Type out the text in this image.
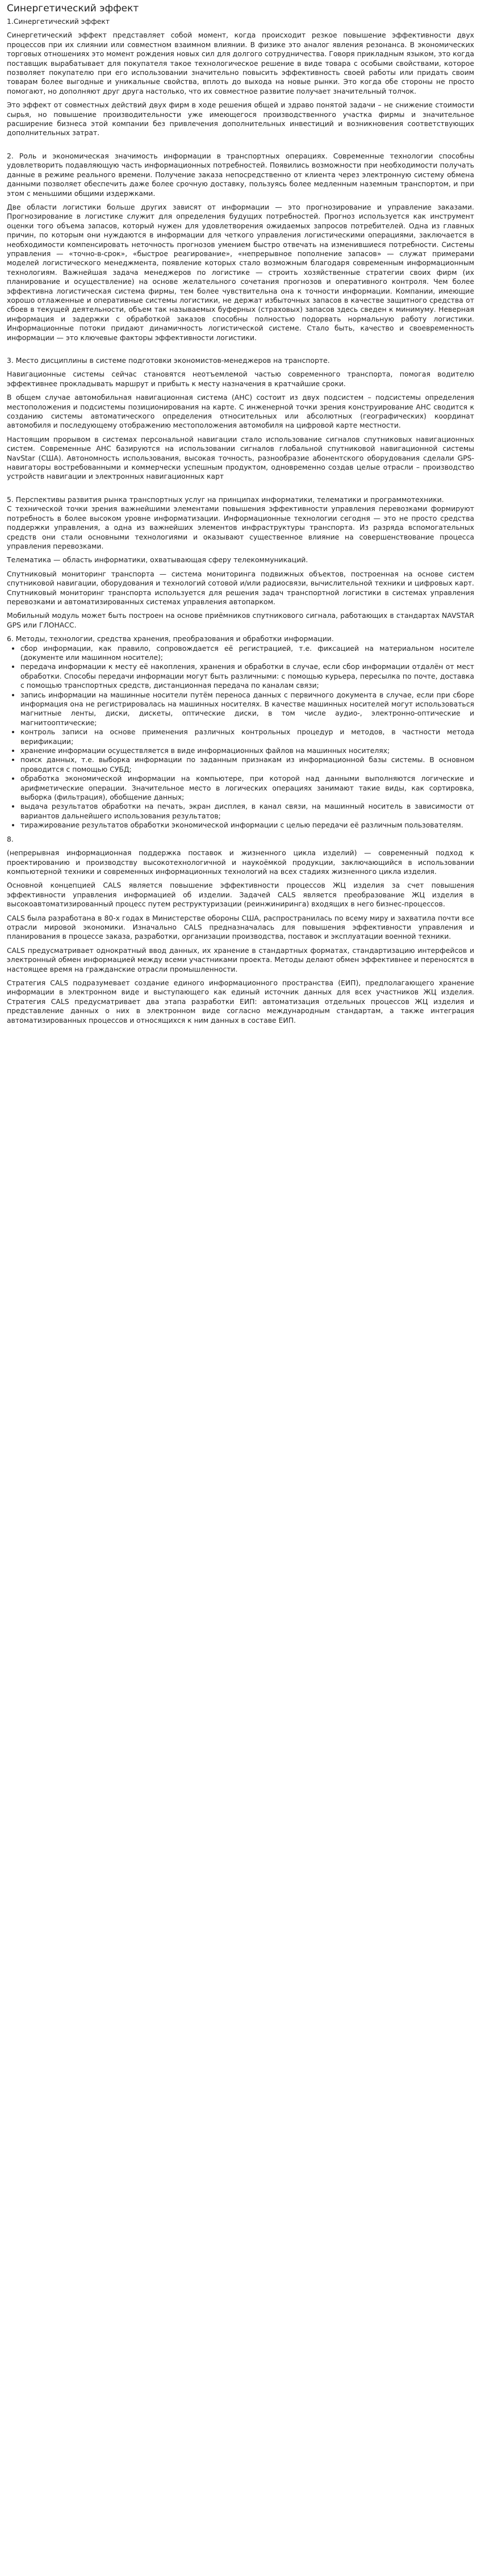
Синергетический эффект

1.Синергетический эффект

Синергетический эффект представляет собой момент, когда происходит резкое повышение эффективности двух процессов при их слиянии или совместном взаимном влиянии. В физике это аналог явления резонанса. В экономических торговых отношениях это момент рождения новых сил для долгого сотрудничества. Говоря прикладным языком, это когда поставщик вырабатывает для покупателя такое технологическое решение в виде товара с особыми свойствами, которое позволяет покупателю при его использовании значительно повысить эффективность своей работы или придать своим товарам более выгодные и уникальные свойства, вплоть до выхода на новые рынки. Это когда обе стороны не просто помогают, но дополняют друг друга настолько, что их совместное развитие получает значительный толчок.

Это эффект от совместных действий двух фирм в ходе решения общей и здраво понятой задачи – не снижение стоимости сырья, но повышение производительности уже имеющегося производственного участка фирмы и значительное расширение бизнеса этой компании без привлечения дополнительных инвестиций и возникновения соответствующих дополнительных затрат.

2. Роль и экономическая значимость информации в транспортных операциях. Современные технологии способны удовлетворить подавляющую часть информационных потребностей. Появились возможности при необходимости получать данные в режиме реального времени. Получение заказа непосредственно от клиента через электронную систему обмена данными позволяет обеспечить даже более срочную доставку, пользуясь более медленным наземным транспортом, и при этом с меньшими общими издержками.

Две области логистики больше других зависят от информации — это прогнозирование и управление заказами. Прогнозирование в логистике служит для определения будущих потребностей. Прогноз используется как инструмент оценки того объема запасов, который нужен для удовлетворения ожидаемых запросов потребителей. Одна из главных причин, по которым они нуждаются в информации для четкого управления логистическими операциями, заключается в необходимости компенсировать неточность прогнозов умением быстро отвечать на изменившиеся потребности. Системы управления — «точно-в-срок», «быстрое реагирование», «непрерывное пополнение запасов» — служат примерами моделей логистического менеджмента, появление которых стало возможным благодаря современным информационным технологиям. Важнейшая задача менеджеров по логистике — строить хозяйственные стратегии своих фирм (их планирование и осуществление) на основе желательного сочетания прогнозов и оперативного контроля. Чем более эффективна логистическая система фирмы, тем более чувствительна она к точности информации. Компании, имеющие хорошо отлаженные и оперативные системы логистики, не держат избыточных запасов в качестве защитного средства от сбоев в текущей деятельности, объем так называемых буферных (страховых) запасов здесь сведен к минимуму. Неверная информация и задержки с обработкой заказов способны полностью подорвать нормальную работу логистики. Информационные потоки придают динамичность логистической системе. Стало быть, качество и своевременность информации — это ключевые факторы эффективности логистики.

3. Место дисциплины в системе подготовки экономистов-менеджеров на транспорте.

Навигационные системы сейчас становятся неотъемлемой частью современного транспорта, помогая водителю эффективнее прокладывать маршрут и прибыть к месту назначения в кратчайшие сроки.

В общем случае автомобильная навигационная система (АНС) состоит из двух подсистем – подсистемы определения местоположения и подсистемы позиционирования на карте. С инженерной точки зрения конструирование АНС сводится к созданию системы автоматического определения относительных или абсолютных (географических) координат автомобиля и последующему отображению местоположения автомобиля на цифровой карте местности.

Настоящим прорывом в системах персональной навигации стало использование сигналов спутниковых навигационных систем. Современные АНС базируются на использовании сигналов глобальной спутниковой навигационной системы NavStar (США). Автономность использования, высокая точность, разнообразие абонентского оборудования сделали GPS-навигаторы востребованными и коммерчески успешным продуктом, одновременно создав целые отрасли – производство устройств навигации и электронных навигационных карт

5. Перспективы развития рынка транспортных услуг на принципах информатики, телематики и программотехники.

С технической точки зрения важнейшими элементами повышения эффективности управления перевозками формируют потребность в более высоком уровне информатизации. Информационные технологии сегодня — это не просто средства поддержки управления, а одна из важнейших элементов инфраструктуры транспорта. Из разряда вспомогательных средств они стали основными технологиями и оказывают существенное влияние на совершенствование процесса управления перевозками.

Телематика — область информатики, охватывающая сферу телекоммуникаций.

Спутниковый мониторинг транспорта — система мониторинга подвижных объектов, построенная на основе систем спутниковой навигации, оборудования и технологий сотовой и/или радиосвязи, вычислительной техники и цифровых карт. Спутниковый мониторинг транспорта используется для решения задач транспортной логистики в системах управления перевозками и автоматизированных системах управления автопарком.

Мобильный модуль может быть построен на основе приёмников спутникового сигнала, работающих в стандартах NAVSTAR GPS или ГЛОНАСС.

6. Методы, технологии, средства хранения, преобразования и обработки информации.

• сбор информации, как правило, сопровождается её регистрацией, т.е. фиксацией на материальном носителе (документе или машинном носителе);
• передача информации к месту её накопления, хранения и обработки в случае, если сбор информации отдалён от мест обработки. Способы передачи информации могут быть различными: с помощью курьера, пересылка по почте, доставка с помощью транспортных средств, дистанционная передача по каналам связи;
• запись информации на машинные носители путём переноса данных с первичного документа в случае, если при сборе информация она не регистрировалась на машинных носителях. В качестве машинных носителей могут использоваться магнитные ленты, диски, дискеты, оптические диски, в том числе аудио-, электронно-оптические и магнитооптические;
• контроль записи на основе применения различных контрольных процедур и методов, в частности метода верификации;
• хранение информации осуществляется в виде информационных файлов на машинных носителях;
• поиск данных, т.е. выборка информации по заданным признакам из информационной базы системы. В основном проводится с помощью СУБД;
• обработка экономической информации на компьютере, при которой над данными выполняются логические и арифметические операции. Значительное место в логических операциях занимают такие виды, как сортировка, выборка (фильтрация), обобщение данных;
• выдача результатов обработки на печать, экран дисплея, в канал связи, на машинный носитель в зависимости от вариантов дальнейшего использования результатов;
• тиражирование результатов обработки экономической информации с целью передачи её различным пользователям.

8.

(непрерывная информационная поддержка поставок и жизненного цикла изделий) — современный подход к проектированию и производству высокотехнологичной и наукоёмкой продукции, заключающийся в использовании компьютерной техники и современных информационных технологий на всех стадиях жизненного цикла изделия.

Основной концепцией CALS является повышение эффективности процессов ЖЦ изделия за счет повышения эффективности управления информацией об изделии. Задачей CALS является преобразование ЖЦ изделия в высокоавтоматизированный процесс путем реструктуризации (реинжиниринга) входящих в него бизнес-процессов.

CALS была разработана в 80-х годах в Министерстве обороны США, распространилась по всему миру и захватила почти все отрасли мировой экономики. Изначально CALS предназначалась для повышения эффективности управления и планирования в процессе заказа, разработки, организации производства, поставок и эксплуатации военной техники.

CALS предусматривает однократный ввод данных, их хранение в стандартных форматах, стандартизацию интерфейсов и электронный обмен информацией между всеми участниками проекта. Методы делают обмен эффективнее и переносятся в настоящее время на гражданские отрасли промышленности.

Стратегия CALS подразумевает создание единого информационного пространства (ЕИП), предполагающего хранение информации в электронном виде и выступающего как единый источник данных для всех участников ЖЦ изделия. Стратегия CALS предусматривает два этапа разработки ЕИП: автоматизация отдельных процессов ЖЦ изделия и представление данных о них в электронном виде согласно международным стандартам, а также интеграция автоматизированных процессов и относящихся к ним данных в составе ЕИП.
